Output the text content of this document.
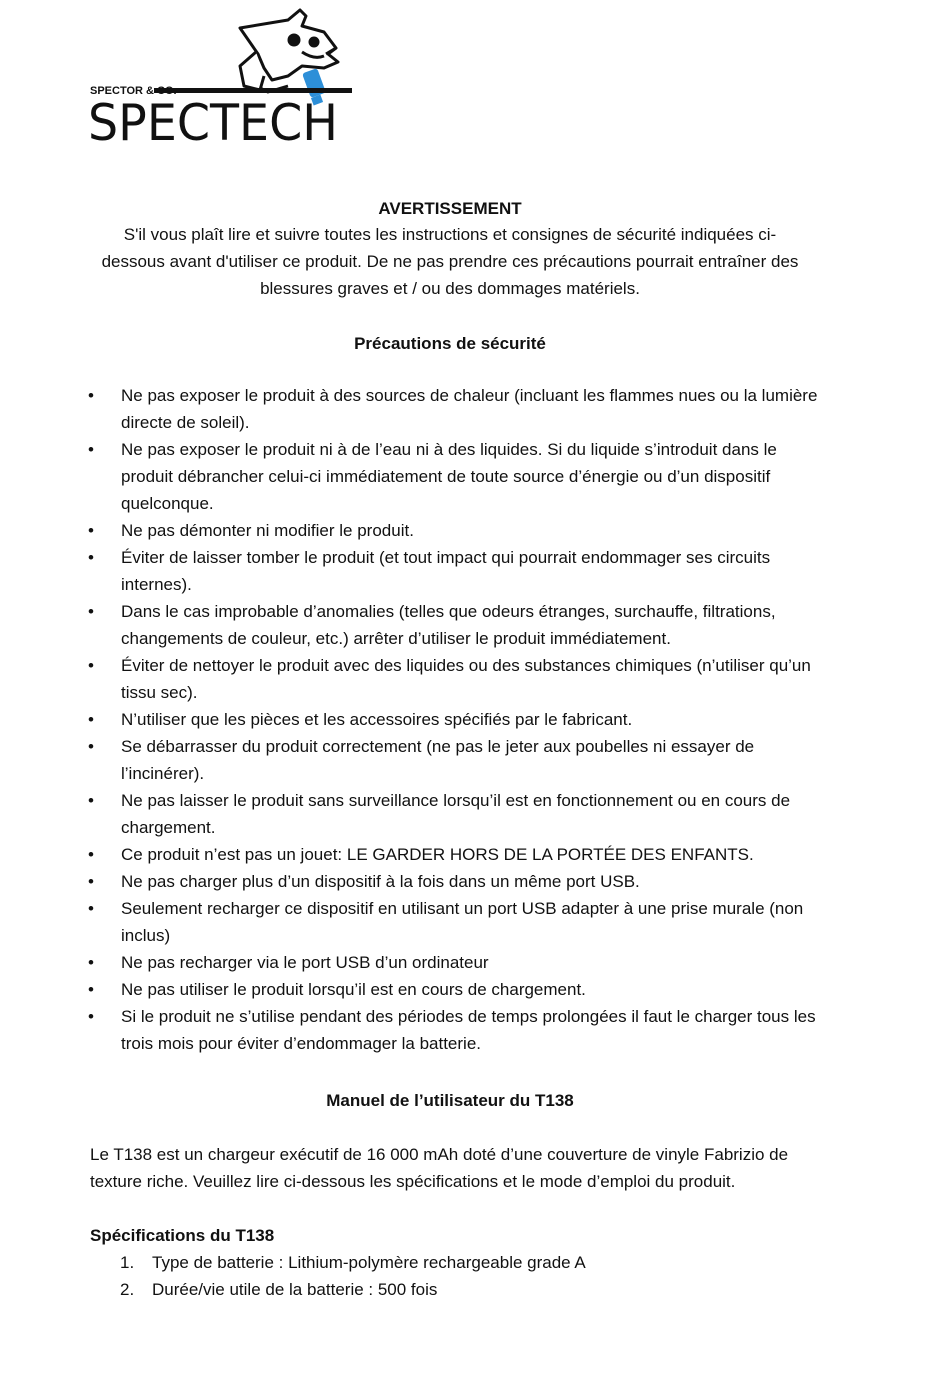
SPECTOR & CO.
SPECTECH
AVERTISSEMENT
S'il vous plaît lire et suivre toutes les instructions et consignes de sécurité indiquées ci-dessous avant d'utiliser ce produit. De ne pas prendre ces précautions pourrait entraîner des blessures graves et / ou des dommages matériels.
Précautions de sécurité
• Ne pas exposer le produit à des sources de chaleur (incluant les flammes nues ou la lumière directe de soleil).
• Ne pas exposer le produit ni à de l’eau ni à des liquides. Si du liquide s’introduit dans le produit débrancher celui-ci immédiatement de toute source d’énergie ou d’un dispositif quelconque.
• Ne pas démonter ni modifier le produit.
• Éviter de laisser tomber le produit (et tout impact qui pourrait endommager ses circuits internes).
• Dans le cas improbable d’anomalies (telles que odeurs étranges, surchauffe, filtrations, changements de couleur, etc.) arrêter d’utiliser le produit immédiatement.
• Éviter de nettoyer le produit avec des liquides ou des substances chimiques (n’utiliser qu’un tissu sec).
• N’utiliser que les pièces et les accessoires spécifiés par le fabricant.
• Se débarrasser du produit correctement (ne pas le jeter aux poubelles ni essayer de l’incinérer).
• Ne pas laisser le produit sans surveillance lorsqu’il est en fonctionnement ou en cours de chargement.
• Ce produit n’est pas un jouet: LE GARDER HORS DE LA PORTÉE DES ENFANTS.
• Ne pas charger plus d’un dispositif à la fois dans un même port USB.
• Seulement recharger ce dispositif en utilisant un port USB adapter à une prise murale (non inclus)
• Ne pas recharger via le port USB d’un ordinateur
• Ne pas utiliser le produit lorsqu’il est en cours de chargement.
• Si le produit ne s’utilise pendant des périodes de temps prolongées il faut le charger tous les trois mois pour éviter d’endommager la batterie.
Manuel de l’utilisateur du T138
Le T138 est un chargeur exécutif de 16 000 mAh doté d’une couverture de vinyle Fabrizio de texture riche. Veuillez lire ci-dessous les spécifications et le mode d’emploi du produit.
Spécifications du T138
1. Type de batterie : Lithium-polymère rechargeable grade A
2. Durée/vie utile de la batterie : 500 fois
